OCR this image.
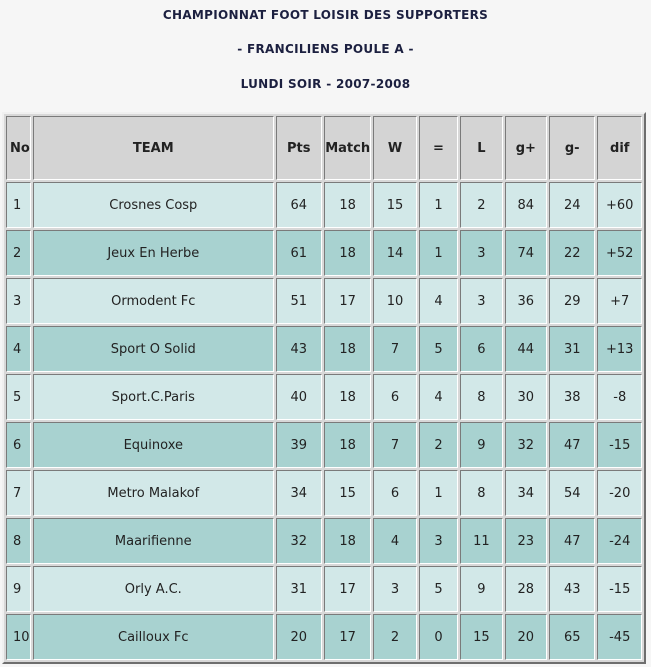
CHAMPIONNAT FOOT LOISIR DES SUPPORTERS
- FRANCILIENS POULE A -
LUNDI SOIR - 2007-2008
No	TEAM	Pts	Match	W	=	L	g+	g-	dif
1	Crosnes Cosp	64	18	15	1	2	84	24	+60
2	Jeux En Herbe	61	18	14	1	3	74	22	+52
3	Ormodent Fc	51	17	10	4	3	36	29	+7
4	Sport O Solid	43	18	7	5	6	44	31	+13
5	Sport.C.Paris	40	18	6	4	8	30	38	-8
6	Equinoxe	39	18	7	2	9	32	47	-15
7	Metro Malakof	34	15	6	1	8	34	54	-20
8	Maarifienne	32	18	4	3	11	23	47	-24
9	Orly A.C.	31	17	3	5	9	28	43	-15
10	Cailloux Fc	20	17	2	0	15	20	65	-45
